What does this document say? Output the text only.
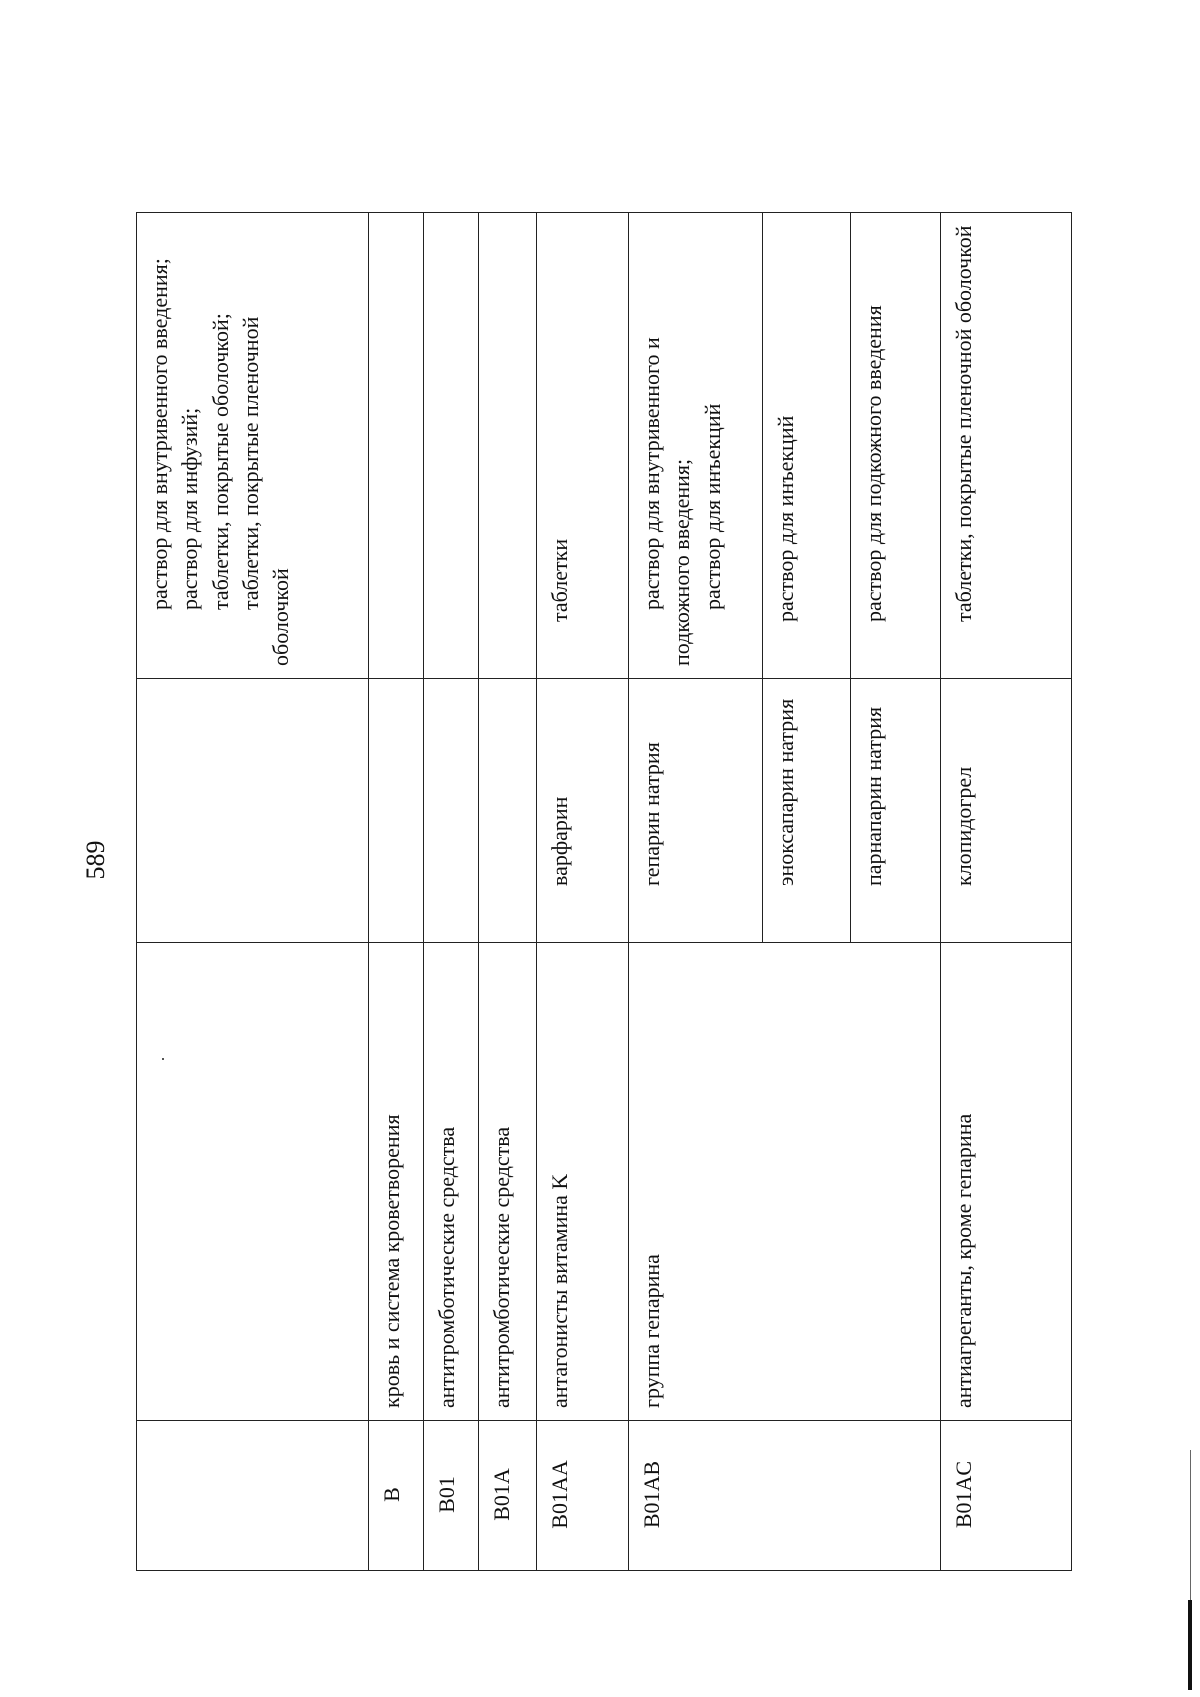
589

			раствор для внутривенного введения; раствор для инфузий; таблетки, покрытые оболочкой; таблетки, покрытые пленочной оболочкой

B	кровь и система кроветворения		
B01	антитромботические средства		
B01A	антитромботические средства		
B01AA	антагонисты витамина K	варфарин	таблетки
B01AB	группа гепарина	гепарин натрия	раствор для внутривенного и подкожного введения; раствор для инъекций

		эноксапарин натрия	раствор для инъекций
		парнапарин натрия	раствор для подкожного введения
B01AC	антиагреганты, кроме гепарина	клопидогрел	таблетки, покрытые пленочной оболочкой
